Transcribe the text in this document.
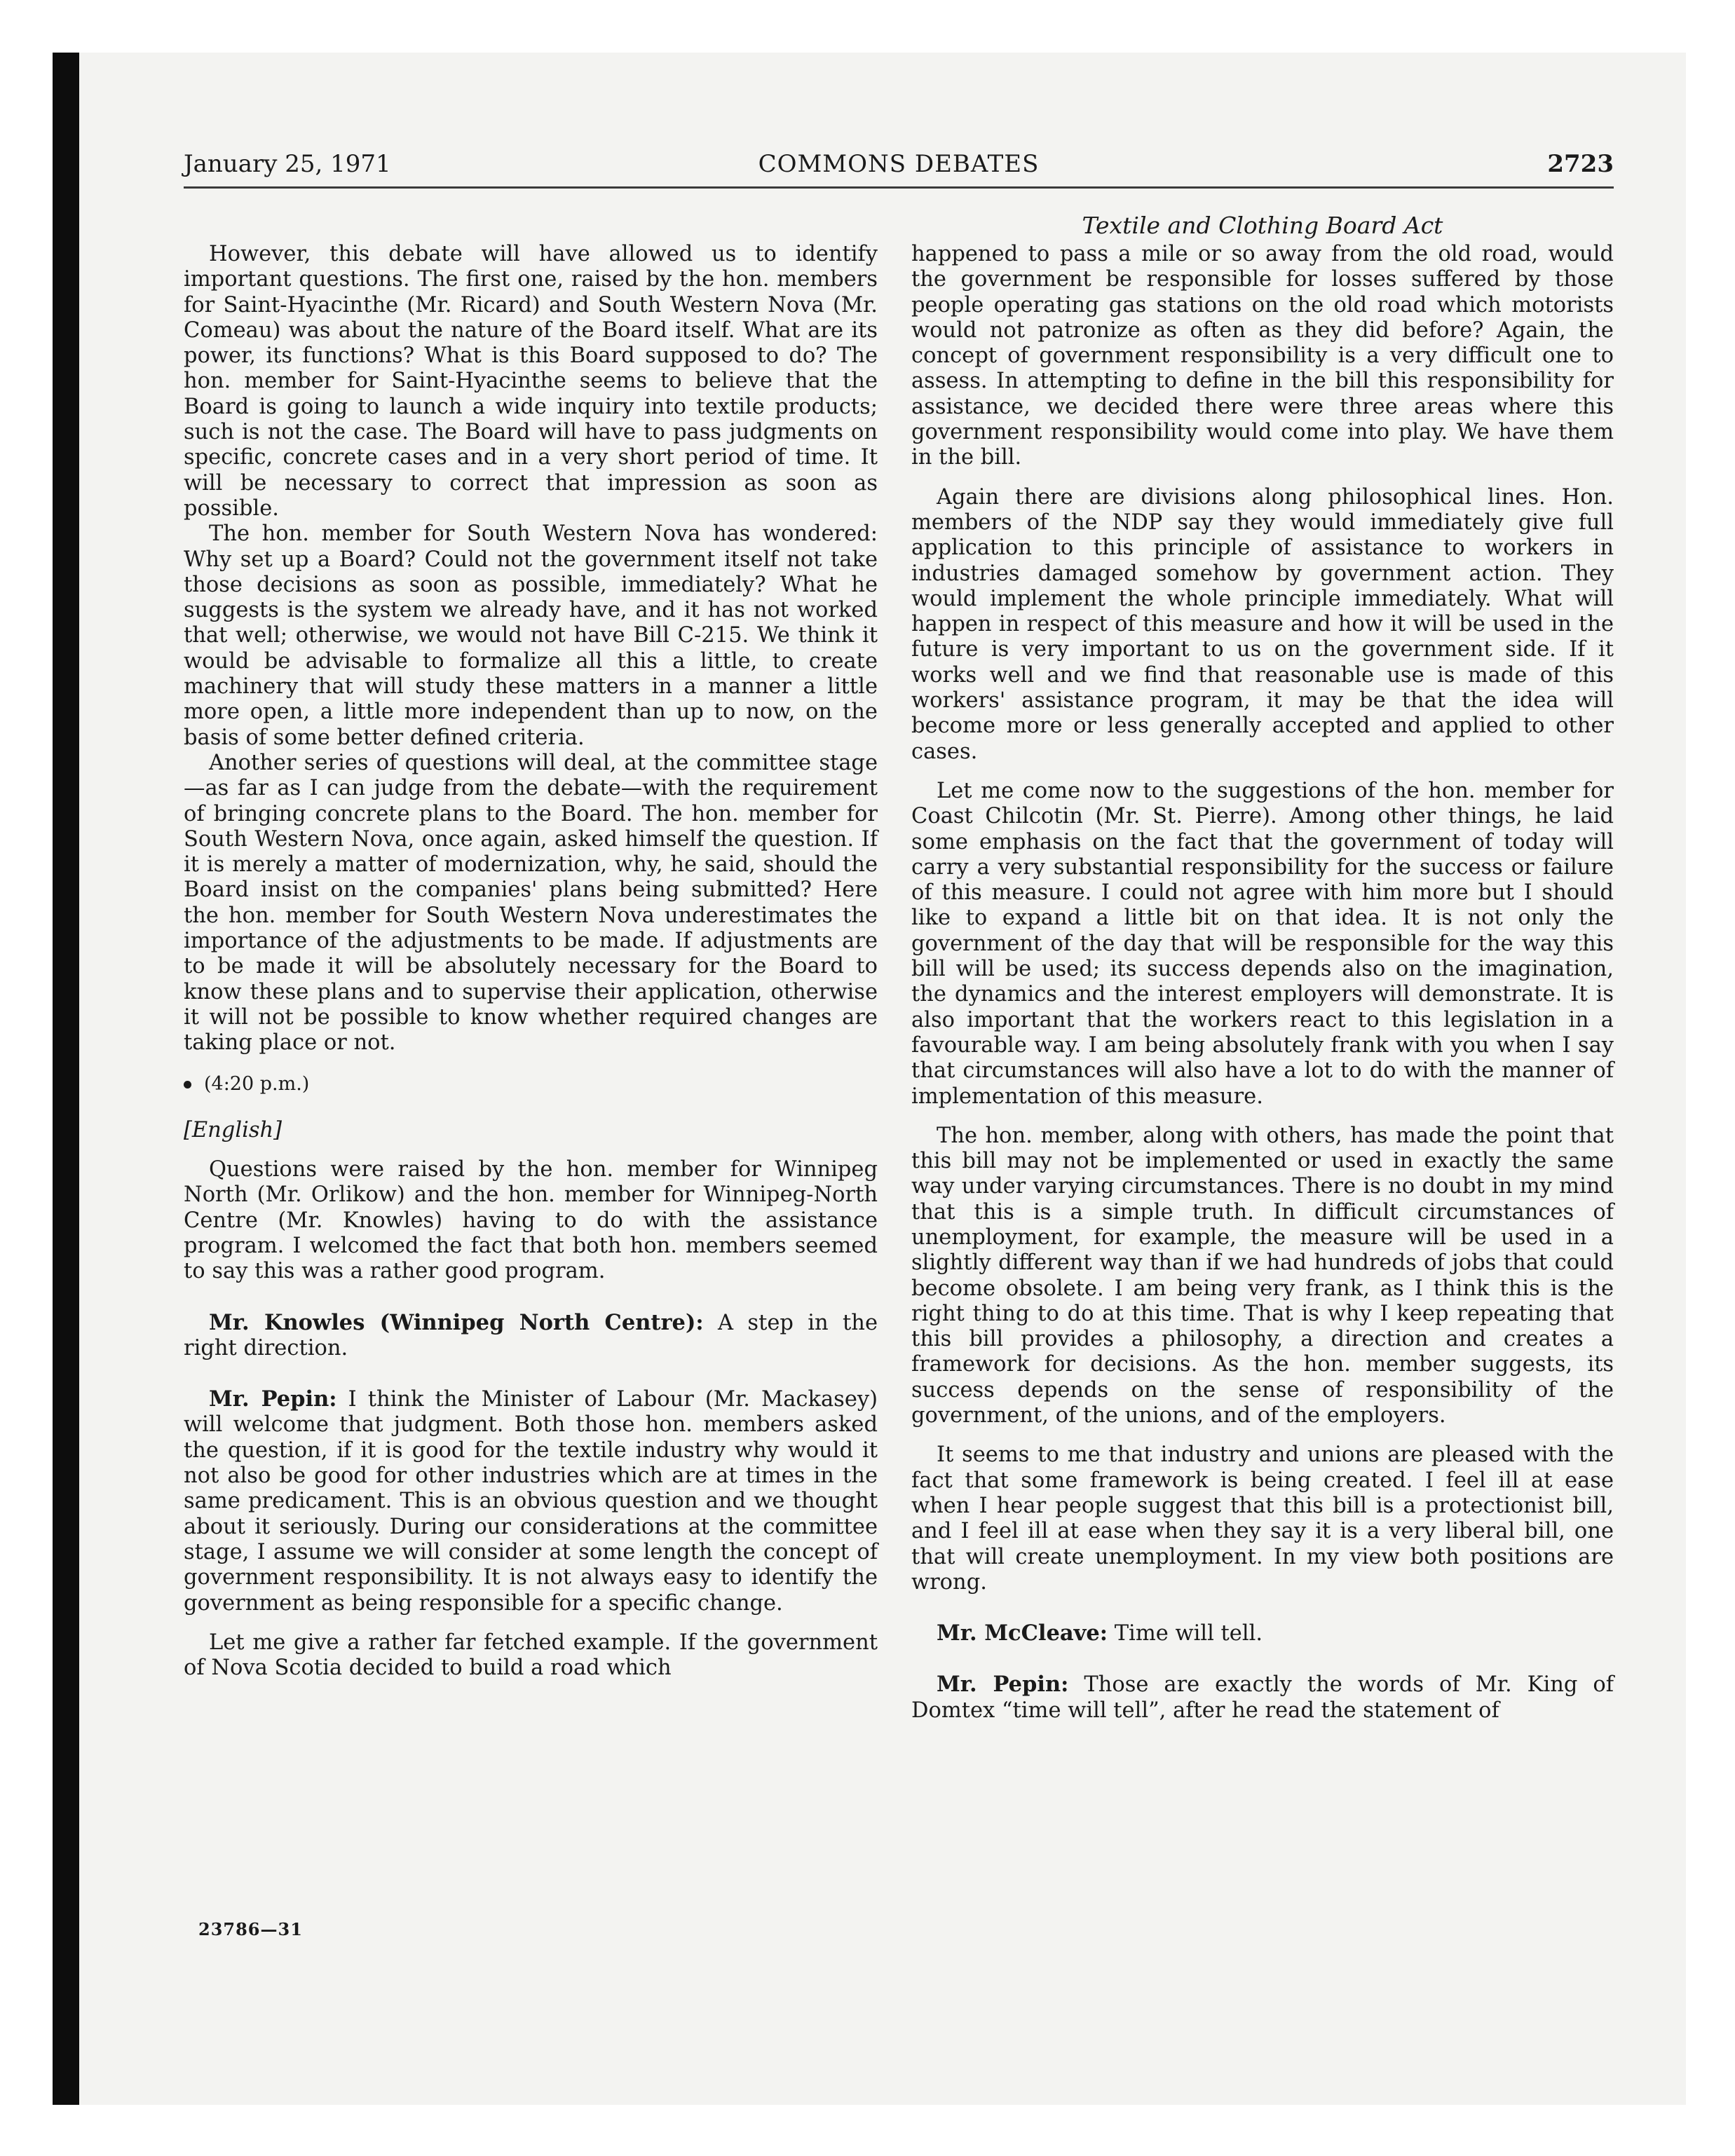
January 25, 1971	COMMONS DEBATES	2723
Textile and Clothing Board Act

However, this debate will have allowed us to identify important questions. The first one, raised by the hon. members for Saint-Hyacinthe (Mr. Ricard) and South Western Nova (Mr. Comeau) was about the nature of the Board itself. What are its power, its functions? What is this Board supposed to do? The hon. member for Saint-Hyacinthe seems to believe that the Board is going to launch a wide inquiry into textile products; such is not the case. The Board will have to pass judgments on specific, concrete cases and in a very short period of time. It will be necessary to correct that impression as soon as possible.

The hon. member for South Western Nova has wondered: Why set up a Board? Could not the government itself not take those decisions as soon as possible, immediately? What he suggests is the system we already have, and it has not worked that well; otherwise, we would not have Bill C-215. We think it would be advisable to formalize all this a little, to create machinery that will study these matters in a manner a little more open, a little more independent than up to now, on the basis of some better defined criteria.

Another series of questions will deal, at the committee stage—as far as I can judge from the debate—with the requirement of bringing concrete plans to the Board. The hon. member for South Western Nova, once again, asked himself the question. If it is merely a matter of modernization, why, he said, should the Board insist on the companies' plans being submitted? Here the hon. member for South Western Nova underestimates the importance of the adjustments to be made. If adjustments are to be made it will be absolutely necessary for the Board to know these plans and to supervise their application, otherwise it will not be possible to know whether required changes are taking place or not.

(4:20 p.m.)

[English]

Questions were raised by the hon. member for Winnipeg North (Mr. Orlikow) and the hon. member for Winnipeg-North Centre (Mr. Knowles) having to do with the assistance program. I welcomed the fact that both hon. members seemed to say this was a rather good program.

Mr. Knowles (Winnipeg North Centre): A step in the right direction.

Mr. Pepin: I think the Minister of Labour (Mr. Mackasey) will welcome that judgment. Both those hon. members asked the question, if it is good for the textile industry why would it not also be good for other industries which are at times in the same predicament. This is an obvious question and we thought about it seriously. During our considerations at the committee stage, I assume we will consider at some length the concept of government responsibility. It is not always easy to identify the government as being responsible for a specific change.

Let me give a rather far fetched example. If the government of Nova Scotia decided to build a road which

happened to pass a mile or so away from the old road, would the government be responsible for losses suffered by those people operating gas stations on the old road which motorists would not patronize as often as they did before? Again, the concept of government responsibility is a very difficult one to assess. In attempting to define in the bill this responsibility for assistance, we decided there were three areas where this government responsibility would come into play. We have them in the bill.

Again there are divisions along philosophical lines. Hon. members of the NDP say they would immediately give full application to this principle of assistance to workers in industries damaged somehow by government action. They would implement the whole principle immediately. What will happen in respect of this measure and how it will be used in the future is very important to us on the government side. If it works well and we find that reasonable use is made of this workers' assistance program, it may be that the idea will become more or less generally accepted and applied to other cases.

Let me come now to the suggestions of the hon. member for Coast Chilcotin (Mr. St. Pierre). Among other things, he laid some emphasis on the fact that the government of today will carry a very substantial responsibility for the success or failure of this measure. I could not agree with him more but I should like to expand a little bit on that idea. It is not only the government of the day that will be responsible for the way this bill will be used; its success depends also on the imagination, the dynamics and the interest employers will demonstrate. It is also important that the workers react to this legislation in a favourable way. I am being absolutely frank with you when I say that circumstances will also have a lot to do with the manner of implementation of this measure.

The hon. member, along with others, has made the point that this bill may not be implemented or used in exactly the same way under varying circumstances. There is no doubt in my mind that this is a simple truth. In difficult circumstances of unemployment, for example, the measure will be used in a slightly different way than if we had hundreds of jobs that could become obsolete. I am being very frank, as I think this is the right thing to do at this time. That is why I keep repeating that this bill provides a philosophy, a direction and creates a framework for decisions. As the hon. member suggests, its success depends on the sense of responsibility of the government, of the unions, and of the employers.

It seems to me that industry and unions are pleased with the fact that some framework is being created. I feel ill at ease when I hear people suggest that this bill is a protectionist bill, and I feel ill at ease when they say it is a very liberal bill, one that will create unemployment. In my view both positions are wrong.

Mr. McCleave: Time will tell.

Mr. Pepin: Those are exactly the words of Mr. King of Domtex “time will tell”, after he read the statement of

23786—31
